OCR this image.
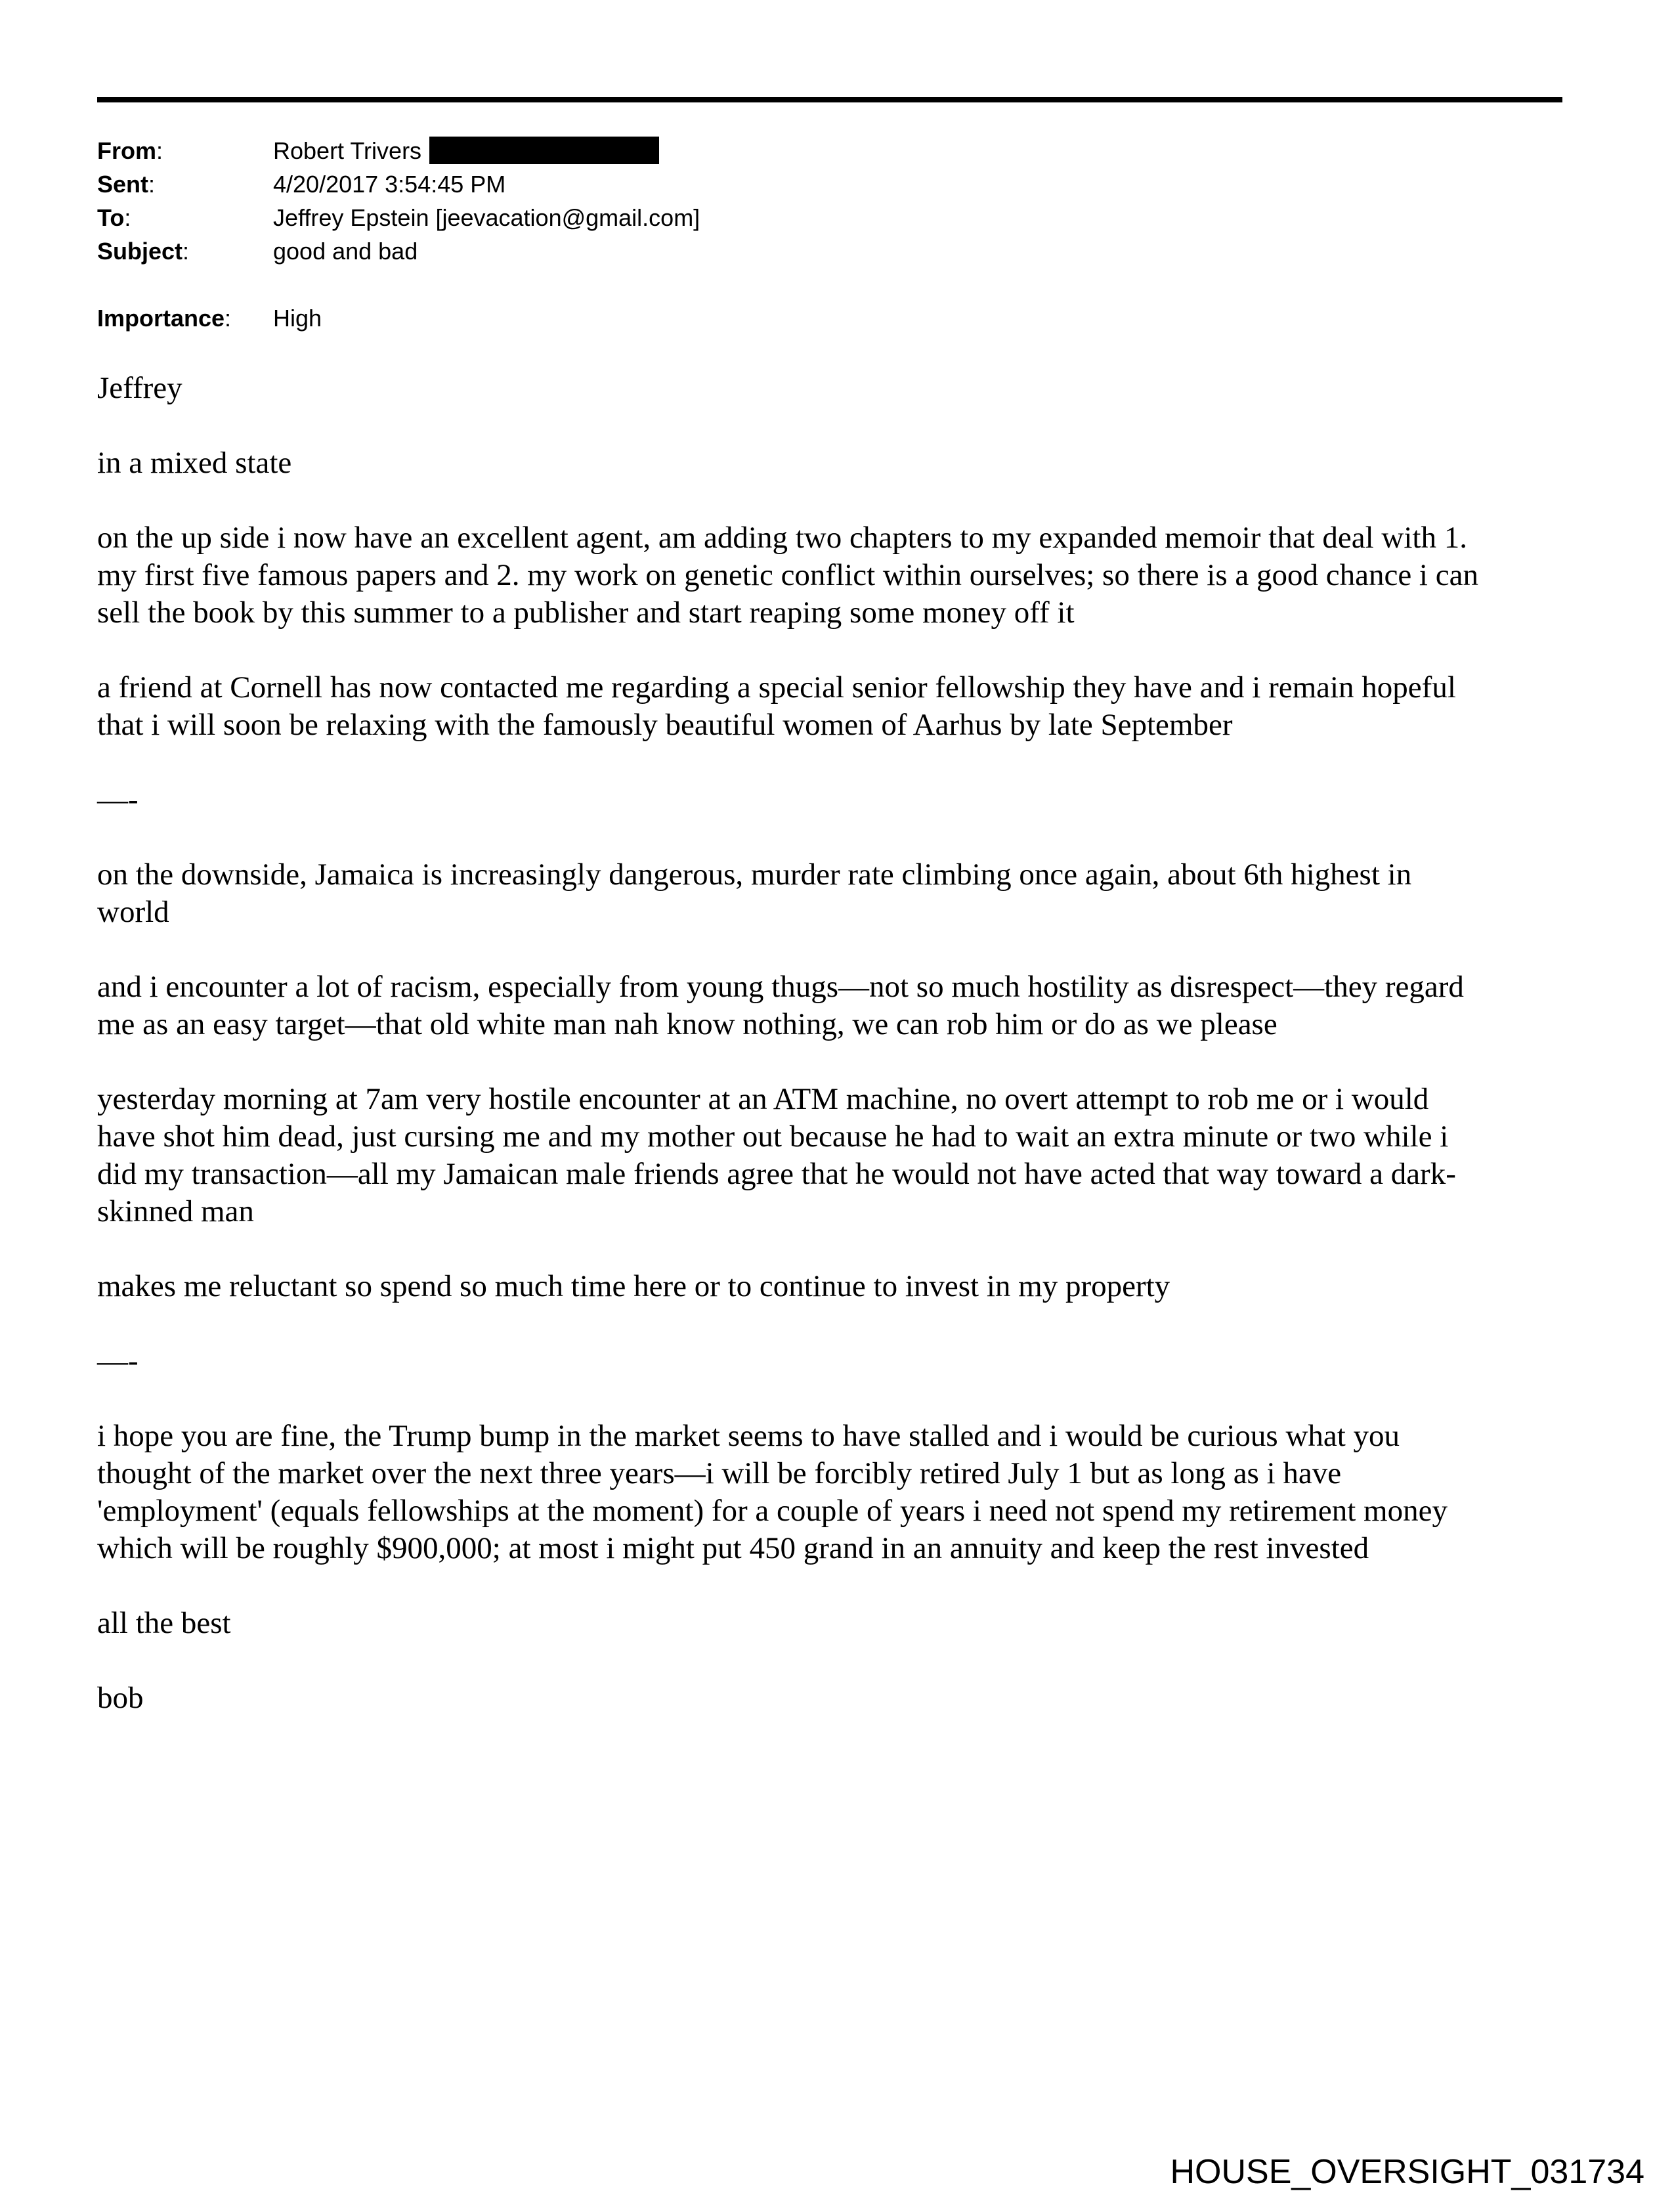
From:	Robert Trivers
Sent:	4/20/2017 3:54:45 PM
To:	Jeffrey Epstein [jeevacation@gmail.com]
Subject:	good and bad
Importance: High
Jeffrey
in a mixed state
on the up side i now have an excellent agent, am adding two chapters to my expanded memoir that deal with 1.
my first five famous papers and 2. my work on genetic conflict within ourselves; so there is a good chance i can
sell the book by this summer to a publisher and start reaping some money off it
a friend at Cornell has now contacted me regarding a special senior fellowship they have and i remain hopeful
that i will soon be relaxing with the famously beautiful women of Aarhus by late September
—-
on the downside, Jamaica is increasingly dangerous, murder rate climbing once again, about 6th highest in
world
and i encounter a lot of racism, especially from young thugs—not so much hostility as disrespect—they regard
me as an easy target—that old white man nah know nothing, we can rob him or do as we please
yesterday morning at 7am very hostile encounter at an ATM machine, no overt attempt to rob me or i would
have shot him dead, just cursing me and my mother out because he had to wait an extra minute or two while i
did my transaction—all my Jamaican male friends agree that he would not have acted that way toward a dark-
skinned man
makes me reluctant so spend so much time here or to continue to invest in my property
—-
i hope you are fine, the Trump bump in the market seems to have stalled and i would be curious what you
thought of the market over the next three years—i will be forcibly retired July 1 but as long as i have
'employment' (equals fellowships at the moment) for a couple of years i need not spend my retirement money
which will be roughly $900,000; at most i might put 450 grand in an annuity and keep the rest invested
all the best
bob
HOUSE_OVERSIGHT_031734
